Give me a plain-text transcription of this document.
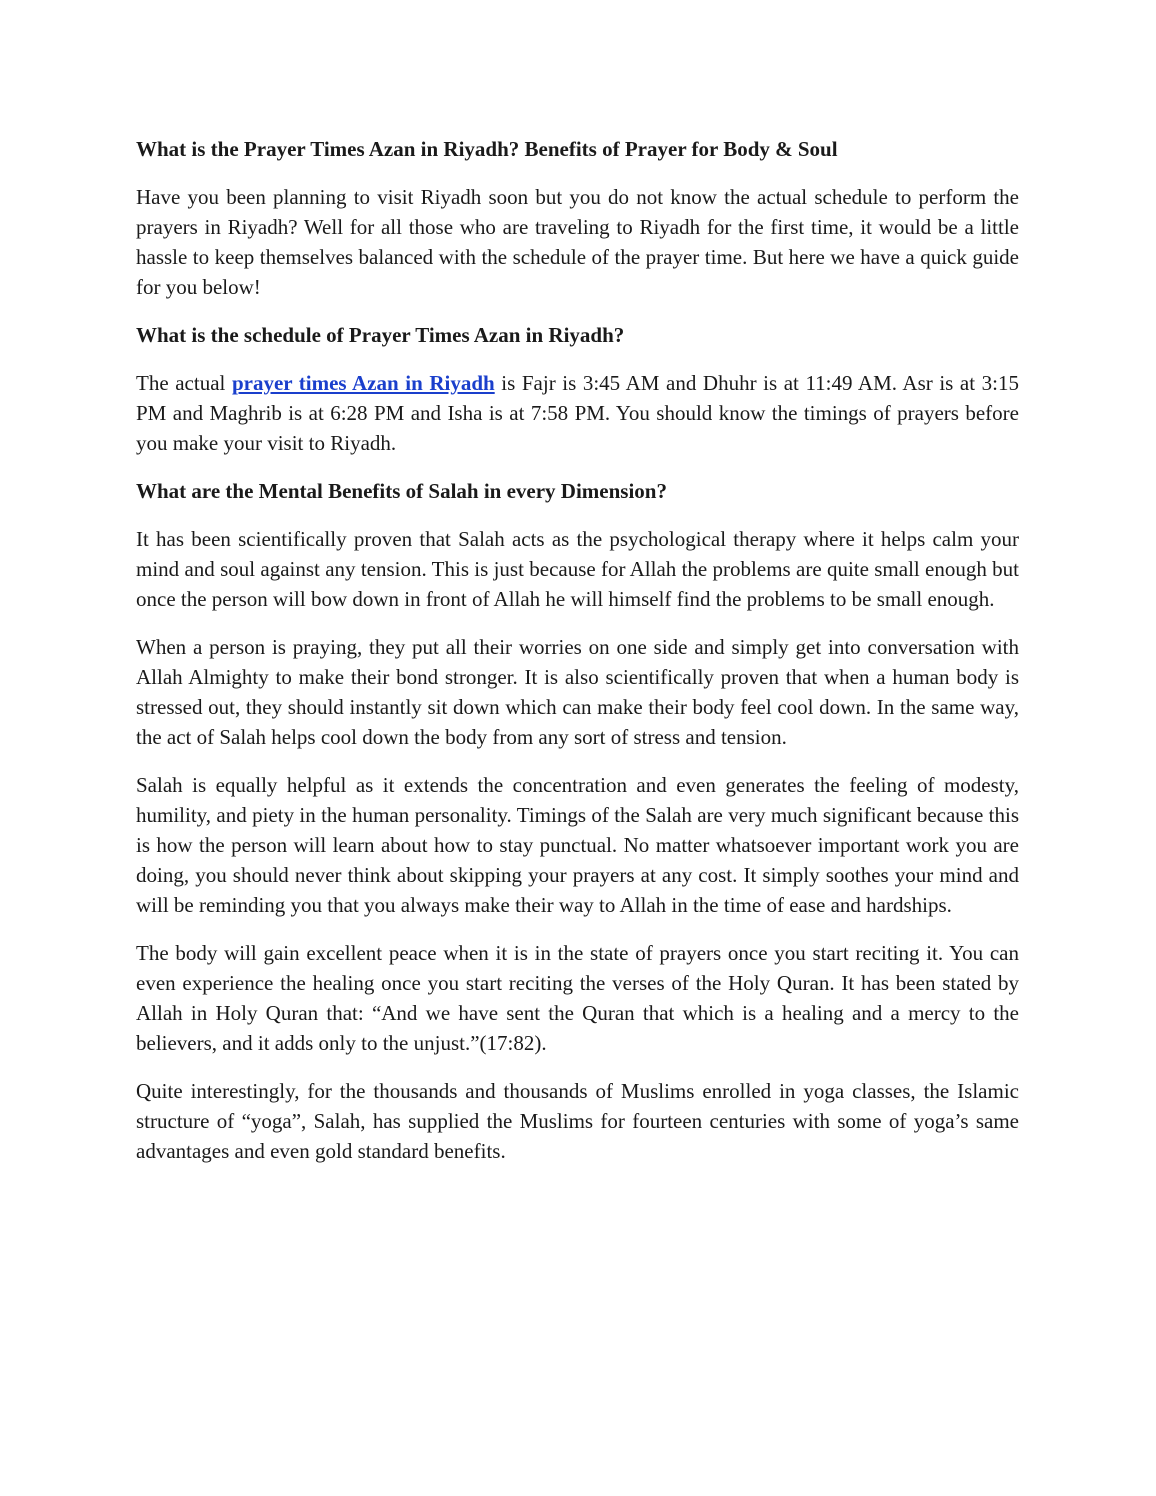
What is the Prayer Times Azan in Riyadh? Benefits of Prayer for Body & Soul
Have you been planning to visit Riyadh soon but you do not know the actual schedule to perform the prayers in Riyadh? Well for all those who are traveling to Riyadh for the first time, it would be a little hassle to keep themselves balanced with the schedule of the prayer time. But here we have a quick guide for you below!
What is the schedule of Prayer Times Azan in Riyadh?
The actual prayer times Azan in Riyadh is Fajr is 3:45 AM and Dhuhr is at 11:49 AM. Asr is at 3:15 PM and Maghrib is at 6:28 PM and Isha is at 7:58 PM. You should know the timings of prayers before you make your visit to Riyadh.
What are the Mental Benefits of Salah in every Dimension?
It has been scientifically proven that Salah acts as the psychological therapy where it helps calm your mind and soul against any tension. This is just because for Allah the problems are quite small enough but once the person will bow down in front of Allah he will himself find the problems to be small enough.
When a person is praying, they put all their worries on one side and simply get into conversation with Allah Almighty to make their bond stronger. It is also scientifically proven that when a human body is stressed out, they should instantly sit down which can make their body feel cool down. In the same way, the act of Salah helps cool down the body from any sort of stress and tension.
Salah is equally helpful as it extends the concentration and even generates the feeling of modesty, humility, and piety in the human personality. Timings of the Salah are very much significant because this is how the person will learn about how to stay punctual. No matter whatsoever important work you are doing, you should never think about skipping your prayers at any cost. It simply soothes your mind and will be reminding you that you always make their way to Allah in the time of ease and hardships.
The body will gain excellent peace when it is in the state of prayers once you start reciting it. You can even experience the healing once you start reciting the verses of the Holy Quran. It has been stated by Allah in Holy Quran that: “And we have sent the Quran that which is a healing and a mercy to the believers, and it adds only to the unjust.”(17:82).
Quite interestingly, for the thousands and thousands of Muslims enrolled in yoga classes, the Islamic structure of “yoga”, Salah, has supplied the Muslims for fourteen centuries with some of yoga’s same advantages and even gold standard benefits.
